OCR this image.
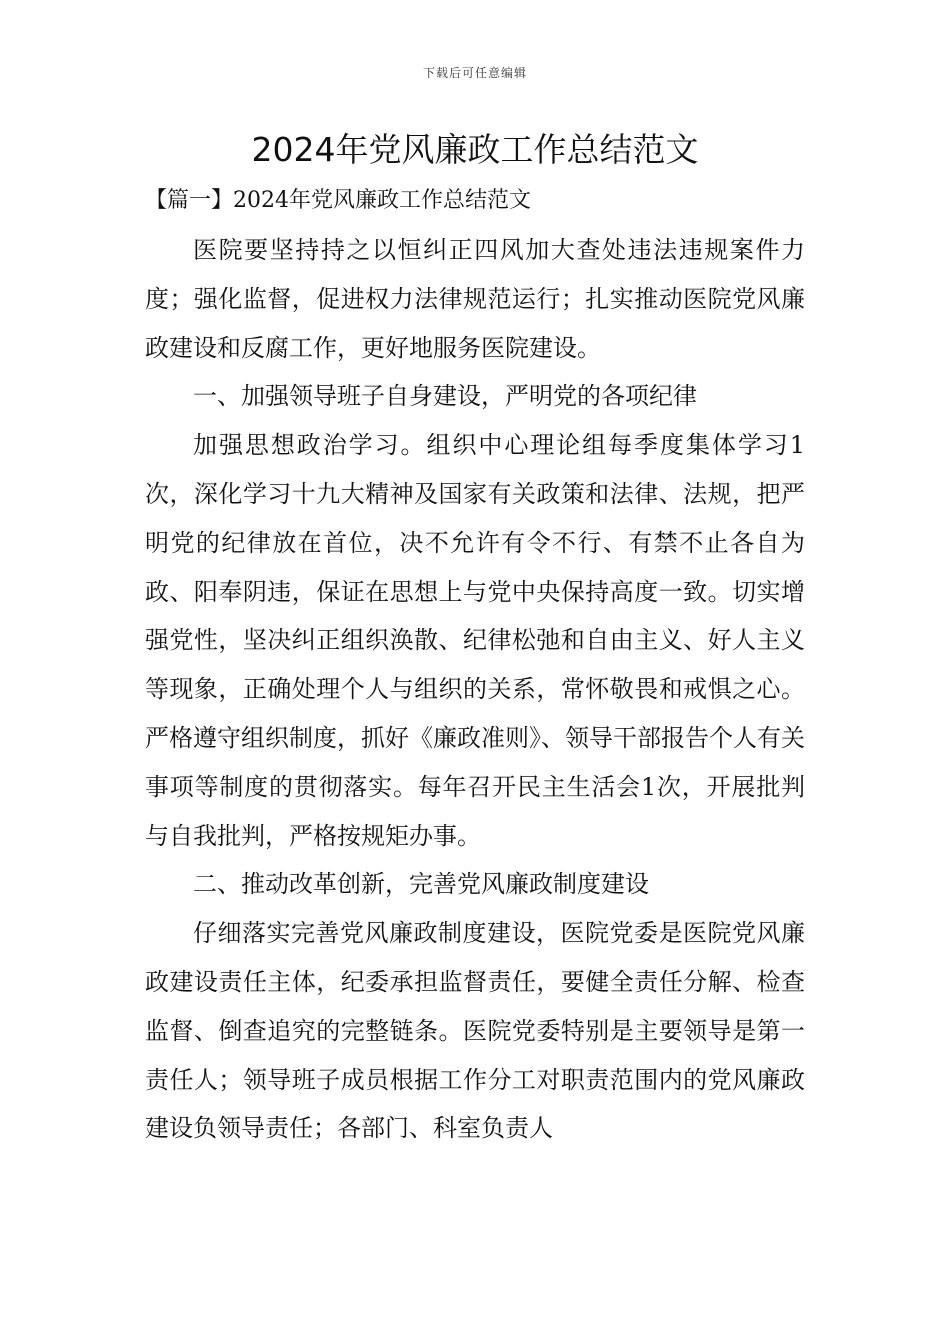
下载后可任意编辑
2024年党风廉政工作总结范文
【篇一】2024年党风廉政工作总结范文

医院要坚持持之以恒纠正四风加大查处违法违规案件力度；强化监督，促进权力法律规范运行；扎实推动医院党风廉政建设和反腐工作，更好地服务医院建设。

一、加强领导班子自身建设，严明党的各项纪律

加强思想政治学习。组织中心理论组每季度集体学习1次，深化学习十九大精神及国家有关政策和法律、法规，把严明党的纪律放在首位，决不允许有令不行、有禁不止各自为政、阳奉阴违，保证在思想上与党中央保持高度一致。切实增强党性，坚决纠正组织涣散、纪律松弛和自由主义、好人主义等现象，正确处理个人与组织的关系，常怀敬畏和戒惧之心。严格遵守组织制度，抓好《廉政准则》、领导干部报告个人有关事项等制度的贯彻落实。每年召开民主生活会1次，开展批判与自我批判，严格按规矩办事。

二、推动改革创新，完善党风廉政制度建设

仔细落实完善党风廉政制度建设，医院党委是医院党风廉政建设责任主体，纪委承担监督责任，要健全责任分解、检查监督、倒查追究的完整链条。医院党委特别是主要领导是第一责任人；领导班子成员根据工作分工对职责范围内的党风廉政建设负领导责任；各部门、科室负责人
